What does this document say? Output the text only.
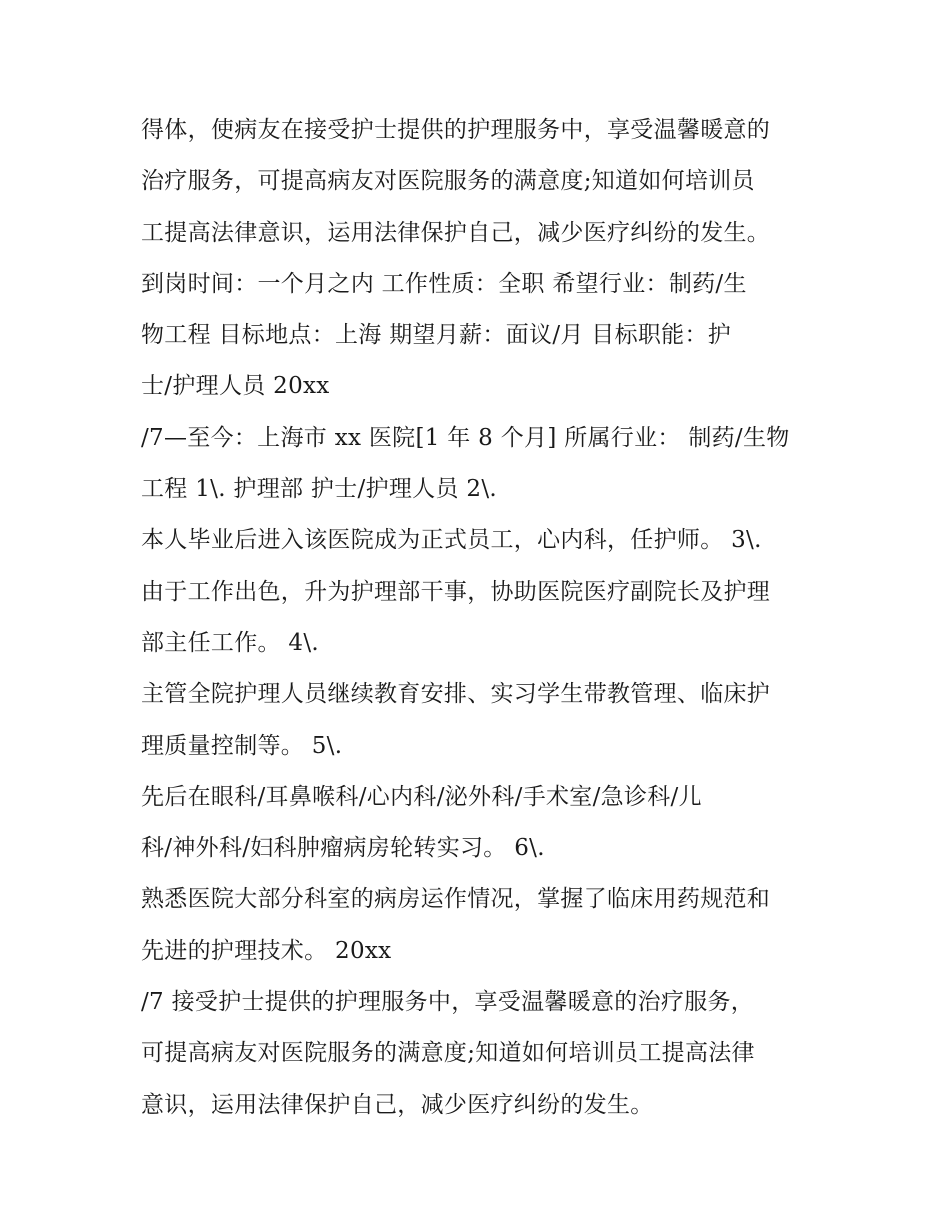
得体，使病友在接受护士提供的护理服务中，享受温馨暖意的
治疗服务，可提高病友对医院服务的满意度;知道如何培训员
工提高法律意识，运用法律保护自己，减少医疗纠纷的发生。
到岗时间：一个月之内 工作性质：全职 希望行业：制药/生
物工程 目标地点：上海 期望月薪：面议/月 目标职能：护
士/护理人员 20xx
/7—至今：上海市 xx 医院[1 年 8 个月] 所属行业： 制药/生物
工程 1\. 护理部 护士/护理人员 2\.
本人毕业后进入该医院成为正式员工，心内科，任护师。 3\.
由于工作出色，升为护理部干事，协助医院医疗副院长及护理
部主任工作。 4\.
主管全院护理人员继续教育安排、实习学生带教管理、临床护
理质量控制等。 5\.
先后在眼科/耳鼻喉科/心内科/泌外科/手术室/急诊科/儿
科/神外科/妇科肿瘤病房轮转实习。 6\.
熟悉医院大部分科室的病房运作情况，掌握了临床用药规范和
先进的护理技术。 20xx
/7 接受护士提供的护理服务中，享受温馨暖意的治疗服务，
可提高病友对医院服务的满意度;知道如何培训员工提高法律
意识，运用法律保护自己，减少医疗纠纷的发生。
